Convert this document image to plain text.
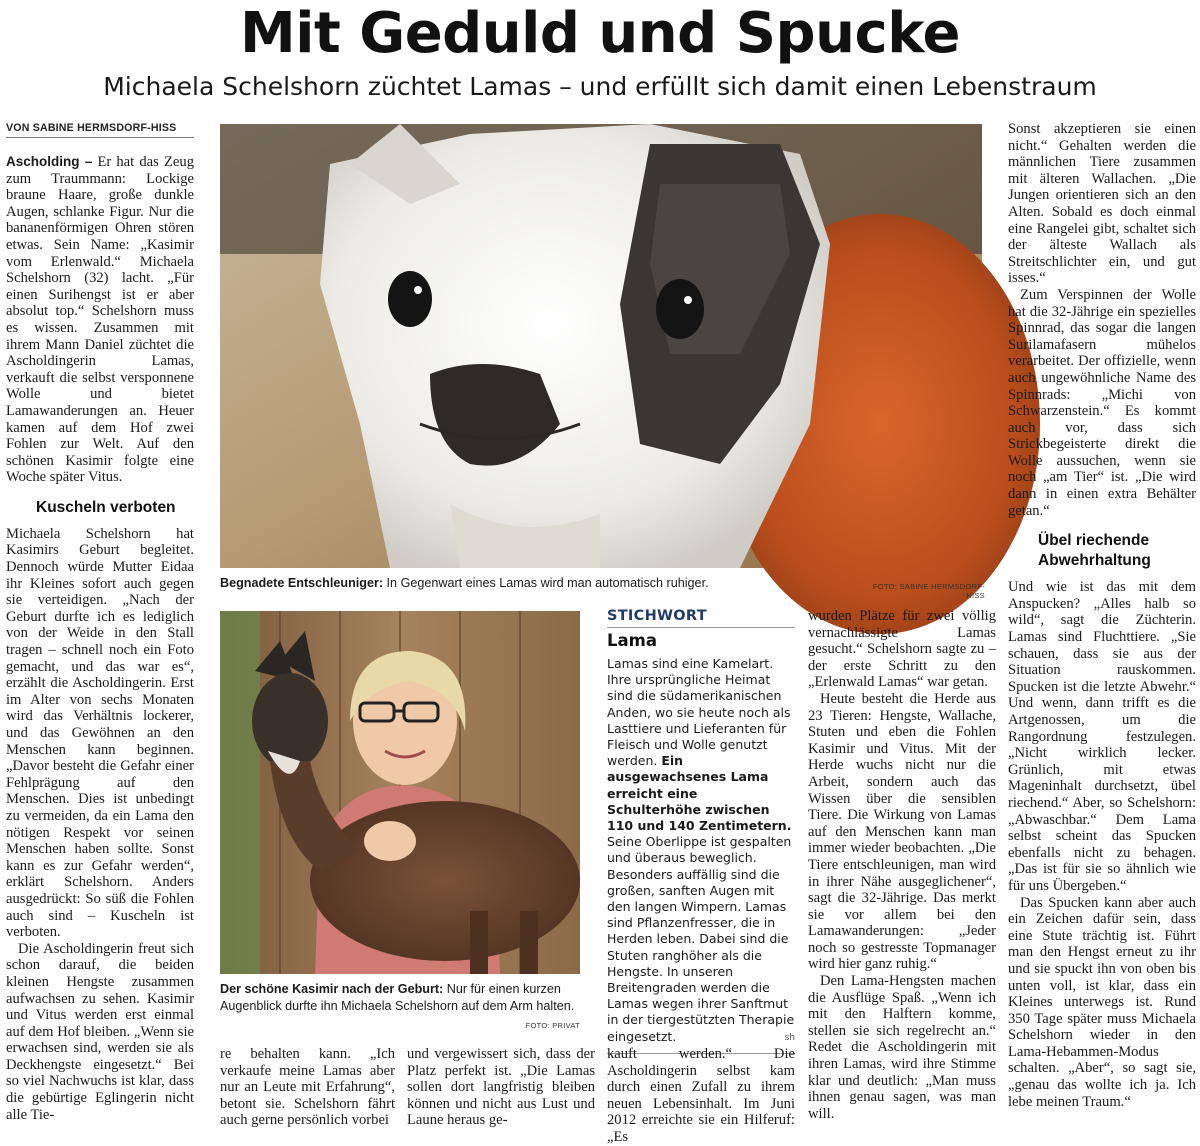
Mit Geduld und Spucke
Michaela Schelshorn züchtet Lamas – und erfüllt sich damit einen Lebenstraum
VON SABINE HERMSDORF-HISS

Ascholding – Er hat das Zeug zum Traummann: Lockige braune Haare, große dunkle Augen, schlanke Figur. Nur die bananenförmigen Ohren stören etwas. Sein Name: „Kasimir vom Erlenwald.“ Michaela Schelshorn (32) lacht. „Für einen Surihengst ist er aber absolut top.“ Schelshorn muss es wissen. Zusammen mit ihrem Mann Daniel züchtet die Ascholdingerin Lamas, verkauft die selbst versponnene Wolle und bietet Lamawanderungen an. Heuer kamen auf dem Hof zwei Fohlen zur Welt. Auf den schönen Kasimir folgte eine Woche später Vitus.

Kuscheln verboten

Michaela Schelshorn hat Kasimirs Geburt begleitet. Dennoch würde Mutter Eidaa ihr Kleines sofort auch gegen sie verteidigen. „Nach der Geburt durfte ich es lediglich von der Weide in den Stall tragen – schnell noch ein Foto gemacht, und das war es“, erzählt die Ascholdingerin. Erst im Alter von sechs Monaten wird das Verhältnis lockerer, und das Gewöhnen an den Menschen kann beginnen. „Davor besteht die Gefahr einer Fehlprägung auf den Menschen. Dies ist unbedingt zu vermeiden, da ein Lama den nötigen Respekt vor seinen Menschen haben sollte. Sonst kann es zur Gefahr werden“, erklärt Schelshorn. Anders ausgedrückt: So süß die Fohlen auch sind – Kuscheln ist verboten.

Die Ascholdingerin freut sich schon darauf, die beiden kleinen Hengste zusammen aufwachsen zu sehen. Kasimir und Vitus werden erst einmal auf dem Hof bleiben. „Wenn sie erwachsen sind, werden sie als Deckhengste eingesetzt.“ Bei so viel Nachwuchs ist klar, dass die gebürtige Eglingerin nicht alle Tie-

Begnadete Entschleuniger: In Gegenwart eines Lamas wird man automatisch ruhiger.	FOTO: SABINE HERMSDORF-HISS
Der schöne Kasimir nach der Geburt: Nur für einen kurzen Augenblick durfte ihn Michaela Schelshorn auf dem Arm halten.
FOTO: PRIVAT
STICHWORT
Lama
Lamas sind eine Kamelart. Ihre ursprüngliche Heimat sind die südamerikanischen Anden, wo sie heute noch als Lasttiere und Lieferanten für Fleisch und Wolle genutzt werden. Ein ausgewachsenes Lama erreicht eine Schulterhöhe zwischen 110 und 140 Zentimetern. Seine Oberlippe ist gespalten und überaus beweglich. Besonders auffällig sind die großen, sanften Augen mit den langen Wimpern. Lamas sind Pflanzenfresser, die in Herden leben. Dabei sind die Stuten ranghöher als die Hengste. In unseren Breitengraden werden die Lamas wegen ihrer Sanftmut in der tiergestützten Therapie eingesetzt.	sh

re behalten kann. „Ich verkaufe meine Lamas aber nur an Leute mit Erfahrung“, betont sie. Schelshorn fährt auch gerne persönlich vorbei

und vergewissert sich, dass der Platz perfekt ist. „Die Lamas sollen dort langfristig bleiben können und nicht aus Lust und Laune heraus ge-

kauft werden.“ Die Ascholdingerin selbst kam durch einen Zufall zu ihrem neuen Lebensinhalt. Im Juni 2012 erreichte sie ein Hilferuf: „Es

wurden Plätze für zwei völlig vernachlässigte Lamas gesucht.“ Schelshorn sagte zu – der erste Schritt zu den „Erlenwald Lamas“ war getan.

Heute besteht die Herde aus 23 Tieren: Hengste, Wallache, Stuten und eben die Fohlen Kasimir und Vitus. Mit der Herde wuchs nicht nur die Arbeit, sondern auch das Wissen über die sensiblen Tiere. Die Wirkung von Lamas auf den Menschen kann man immer wieder beobachten. „Die Tiere entschleunigen, man wird in ihrer Nähe ausgeglichener“, sagt die 32-Jährige. Das merkt sie vor allem bei den Lamawanderungen: „Jeder noch so gestresste Topmanager wird hier ganz ruhig.“

Den Lama-Hengsten machen die Ausflüge Spaß. „Wenn ich mit den Halftern komme, stellen sie sich regelrecht an.“ Redet die Ascholdingerin mit ihren Lamas, wird ihre Stimme klar und deutlich: „Man muss ihnen genau sagen, was man will.

Sonst akzeptieren sie einen nicht.“ Gehalten werden die männlichen Tiere zusammen mit älteren Wallachen. „Die Jungen orientieren sich an den Alten. Sobald es doch einmal eine Rangelei gibt, schaltet sich der älteste Wallach als Streitschlichter ein, und gut isses.“

Zum Verspinnen der Wolle hat die 32-Jährige ein spezielles Spinnrad, das sogar die langen Surilamafasern mühelos verarbeitet. Der offizielle, wenn auch ungewöhnliche Name des Spinnrads: „Michi von Schwarzenstein.“ Es kommt auch vor, dass sich Strickbegeisterte direkt die Wolle aussuchen, wenn sie noch „am Tier“ ist. „Die wird dann in einen extra Behälter getan.“

Übel riechende Abwehrhaltung

Und wie ist das mit dem Anspucken? „Alles halb so wild“, sagt die Züchterin. Lamas sind Fluchttiere. „Sie schauen, dass sie aus der Situation rauskommen. Spucken ist die letzte Abwehr.“ Und wenn, dann trifft es die Artgenossen, um die Rangordnung festzulegen. „Nicht wirklich lecker. Grünlich, mit etwas Mageninhalt durchsetzt, übel riechend.“ Aber, so Schelshorn: „Abwaschbar.“ Dem Lama selbst scheint das Spucken ebenfalls nicht zu behagen. „Das ist für sie so ähnlich wie für uns Übergeben.“

Das Spucken kann aber auch ein Zeichen dafür sein, dass eine Stute trächtig ist. Führt man den Hengst erneut zu ihr und sie spuckt ihn von oben bis unten voll, ist klar, dass ein Kleines unterwegs ist. Rund 350 Tage später muss Michaela Schelshorn wieder in den Lama-Hebammen-Modus schalten. „Aber“, so sagt sie, „genau das wollte ich ja. Ich lebe meinen Traum.“
